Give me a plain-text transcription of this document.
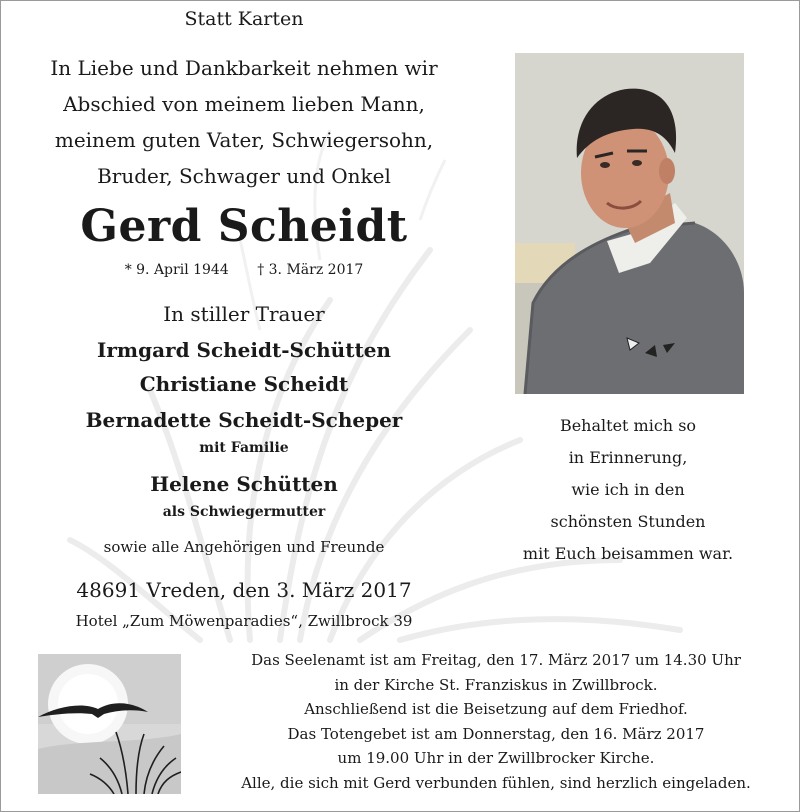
Statt Karten
In Liebe und Dankbarkeit nehmen wir
Abschied von meinem lieben Mann,
meinem guten Vater, Schwiegersohn,
Bruder, Schwager und Onkel
Gerd Scheidt
* 9. April 1944 † 3. März 2017
In stiller Trauer
Irmgard Scheidt-Schütten
Christiane Scheidt
Bernadette Scheidt-Scheper
mit Familie
Helene Schütten
als Schwiegermutter
sowie alle Angehörigen und Freunde
48691 Vreden, den 3. März 2017
Hotel „Zum Möwenparadies“, Zwillbrock 39
Behaltet mich so
in Erinnerung,
wie ich in den
schönsten Stunden
mit Euch beisammen war.
Das Seelenamt ist am Freitag, den 17. März 2017 um 14.30 Uhr
in der Kirche St. Franziskus in Zwillbrock.
Anschließend ist die Beisetzung auf dem Friedhof.
Das Totengebet ist am Donnerstag, den 16. März 2017
um 19.00 Uhr in der Zwillbrocker Kirche.
Alle, die sich mit Gerd verbunden fühlen, sind herzlich eingeladen.
